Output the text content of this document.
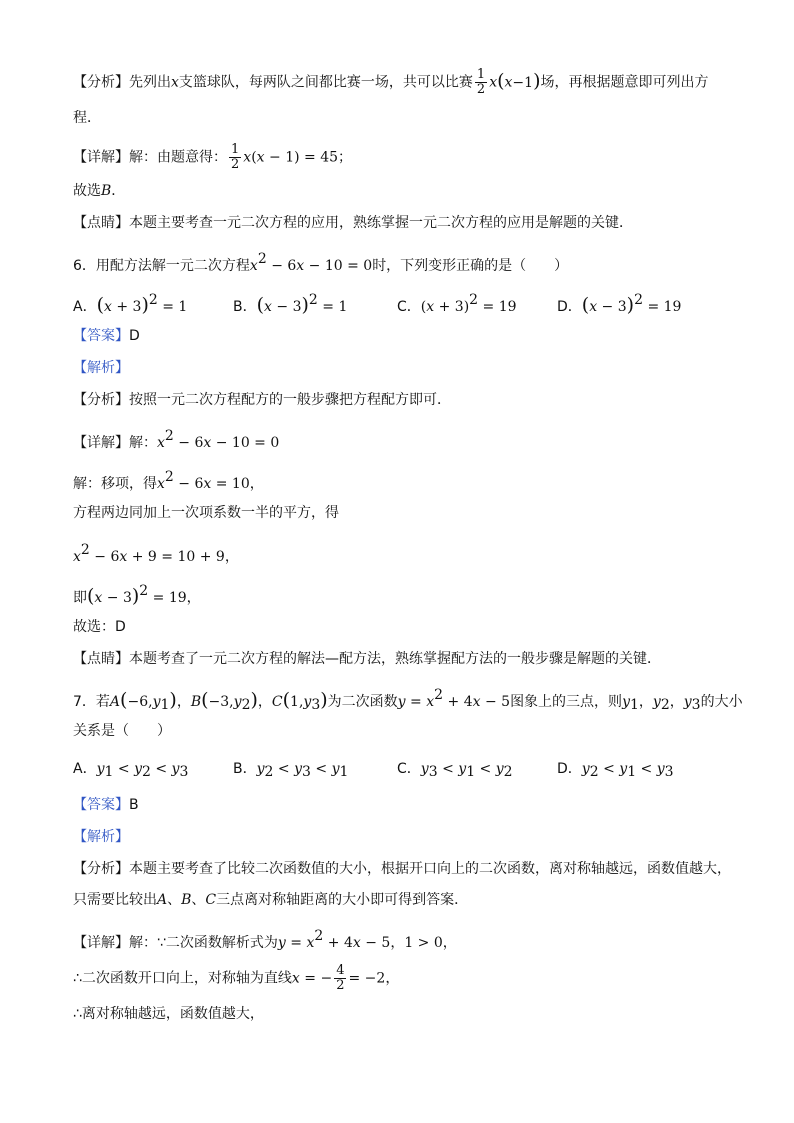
【分析】先列出x支篮球队，每两队之间都比赛一场，共可以比赛 $\frac{1}{2} x(x-1)$场，再根据题意即可列出方
程．
【详解】解：由题意得： $\frac{1}{2} x(x - 1) = 45$；
故选B．
【点睛】本题主要考查一元二次方程的应用，熟练掌握一元二次方程的应用是解题的关键．
6．用配方法解一元二次方程$x^2 - 6x - 10 = 0$时，下列变形正确的是（　　）
A．$(x + 3)^2 = 1$	B．$(x - 3)^2 = 1$	C．$(x + 3)^2 = 19$	D．$(x - 3)^2 = 19$
【答案】D
【解析】
【分析】按照一元二次方程配方的一般步骤把方程配方即可．
【详解】解：$x^2 - 6x - 10 = 0$
解：移项，得$x^2 - 6x = 10$，
方程两边同加上一次项系数一半的平方，得
$x^2 - 6x + 9 = 10 + 9$，
即$(x - 3)^2 = 19$，
故选：D
【点睛】本题考查了一元二次方程的解法—配方法，熟练掌握配方法的一般步骤是解题的关键．
7．若$A(-6,y_1)$，$B(-3,y_2)$，$C(1,y_3)$为二次函数$y = x^2 + 4x - 5$图象上的三点，则$y_1$，$y_2$，$y_3$的大小
关系是（　　）
A．$y_1 < y_2 < y_3$	B．$y_2 < y_3 < y_1$	C．$y_3 < y_1 < y_2$	D．$y_2 < y_1 < y_3$
【答案】B
【解析】
【分析】本题主要考查了比较二次函数值的大小，根据开口向上的二次函数，离对称轴越远，函数值越大，
只需要比较出A、B、C三点离对称轴距离的大小即可得到答案．
【详解】解：∵二次函数解析式为$y = x^2 + 4x - 5$，1 > 0，
∴二次函数开口向上，对称轴为直线x = − $\frac{4}{2} = -2$，
∴离对称轴越远，函数值越大，
